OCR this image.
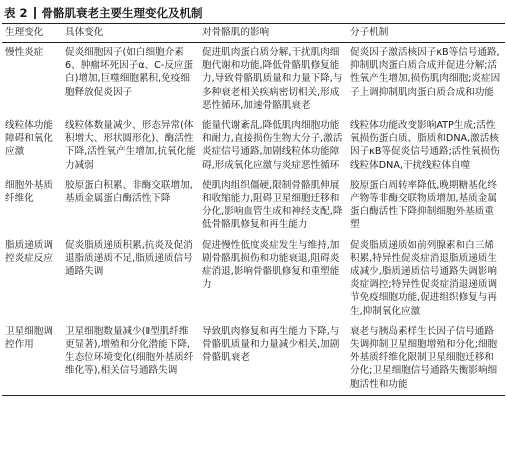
表 2 骨骼肌衰老主要生理变化及机制
生理变化	具体变化	对骨骼肌的影响	分子机制
慢性炎症	促炎细胞因子(如白细胞介素6、肿瘤坏死因子α、C-反应蛋白)增加,巨噬细胞累积,免疫细胞释放促炎因子	促进肌肉蛋白质分解,干扰肌肉细胞代谢和功能,降低骨骼肌修复能力,导致骨骼肌质量和力量下降,与多种衰老相关疾病密切相关,形成恶性循环,加速骨骼肌衰老	促炎因子激活核因子κB等信号通路,抑制肌肉蛋白质合成并促进分解;活性氧产生增加,损伤肌肉细胞;炎症因子上调抑制肌肉蛋白质合成和功能
线粒体功能障碍和氧化应激	线粒体数量减少、形态异常(体积增大、形状圆形化)、酶活性下降,活性氧产生增加,抗氧化能力减弱	能量代谢紊乱,降低肌肉细胞功能和耐力,直接损伤生物大分子,激活炎症信号通路,加剧线粒体功能障碍,形成氧化应激与炎症恶性循环	线粒体功能改变影响ATP生成;活性氧损伤蛋白质、脂质和DNA,激活核因子κB等促炎信号通路;活性氧损伤线粒体DNA,干扰线粒体自噬
细胞外基质纤维化	胶原蛋白积累、非酶交联增加,基质金属蛋白酶活性下降	使肌肉组织僵硬,限制骨骼肌伸展和收缩能力,阻碍卫星细胞迁移和分化,影响血管生成和神经支配,降低骨骼肌修复和再生能力	胶原蛋白周转率降低,晚期糖基化终产物等非酶交联物质增加,基质金属蛋白酶活性下降抑制细胞外基质重塑
脂质递质调控炎症反应	促炎脂质递质积累,抗炎及促消退脂质递质不足,脂质递质信号通路失调	促进慢性低度炎症发生与维持,加剧骨骼肌损伤和功能衰退,阻碍炎症消退,影响骨骼肌修复和重塑能力	促炎脂质递质如前列腺素和白三烯积累,特异性促炎症消退脂质递质生成减少,脂质递质信号通路失调影响炎症调控;特异性促炎症消退递质调节免疫细胞功能,促进组织修复与再生,抑制氧化应激
卫星细胞调控作用	卫星细胞数量减少(Ⅱ型肌纤维更显著),增殖和分化潜能下降,生态位环境变化(细胞外基质纤维化等),相关信号通路失调	导致肌肉修复和再生能力下降,与骨骼肌质量和力量减少相关,加剧骨骼肌衰老	衰老与胰岛素样生长因子信号通路失调抑制卫星细胞增殖和分化;细胞外基质纤维化限制卫星细胞迁移和分化;卫星细胞信号通路失衡影响细胞活性和功能
